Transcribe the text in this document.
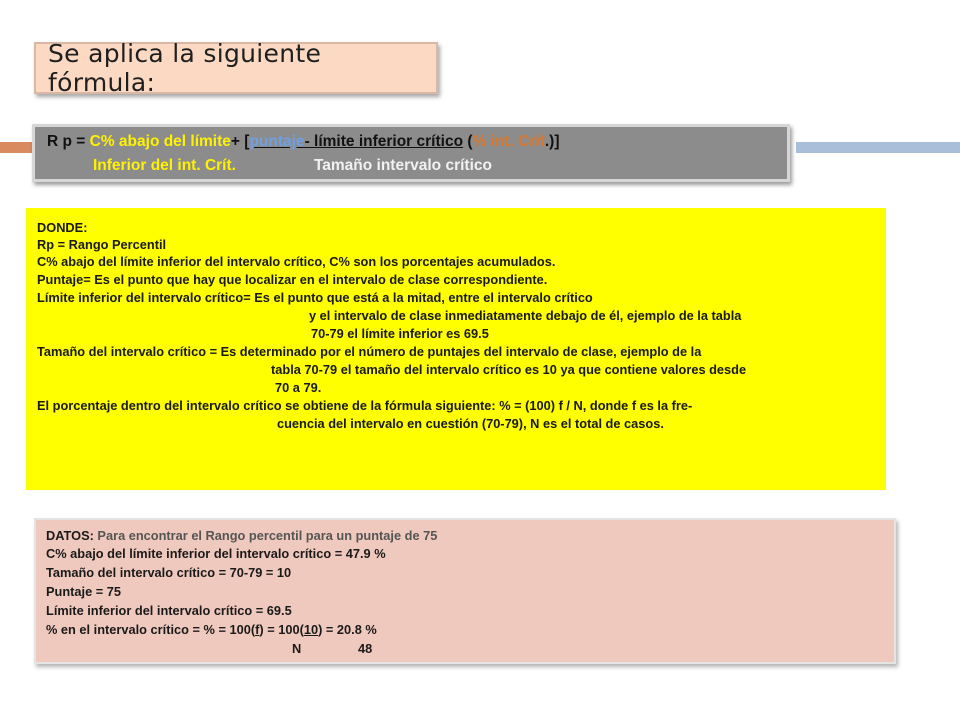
Se aplica la siguiente fórmula:
R p = C% abajo del límite+ [puntaje- límite inferior crítico (% int. Crít.)]
Inferior del int. Crít.	Tamaño intervalo crítico
DONDE:
Rp = Rango Percentil
C% abajo del límite inferior del intervalo crítico, C% son los porcentajes acumulados.
Puntaje= Es el punto que hay que localizar en el intervalo de clase correspondiente.
Límite inferior del intervalo crítico= Es el punto que está a la mitad, entre el intervalo crítico
y el intervalo de clase inmediatamente debajo de él, ejemplo de la tabla
70-79 el límite inferior es 69.5
Tamaño del intervalo crítico = Es determinado por el número de puntajes del intervalo de clase, ejemplo de la
tabla 70-79 el tamaño del intervalo crítico es 10 ya que contiene valores desde
70 a 79.
El porcentaje dentro del intervalo crítico se obtiene de la fórmula siguiente: % = (100) f / N, donde f es la fre-
cuencia del intervalo en cuestión (70-79), N es el total de casos.
DATOS: Para encontrar el Rango percentil para un puntaje de 75
C% abajo del límite inferior del intervalo crítico = 47.9 %
Tamaño del intervalo crítico = 70-79 = 10
Puntaje = 75
Límite inferior del intervalo crítico = 69.5
% en el intervalo crítico = % = 100(f) = 100(10) = 20.8 %
N	48
